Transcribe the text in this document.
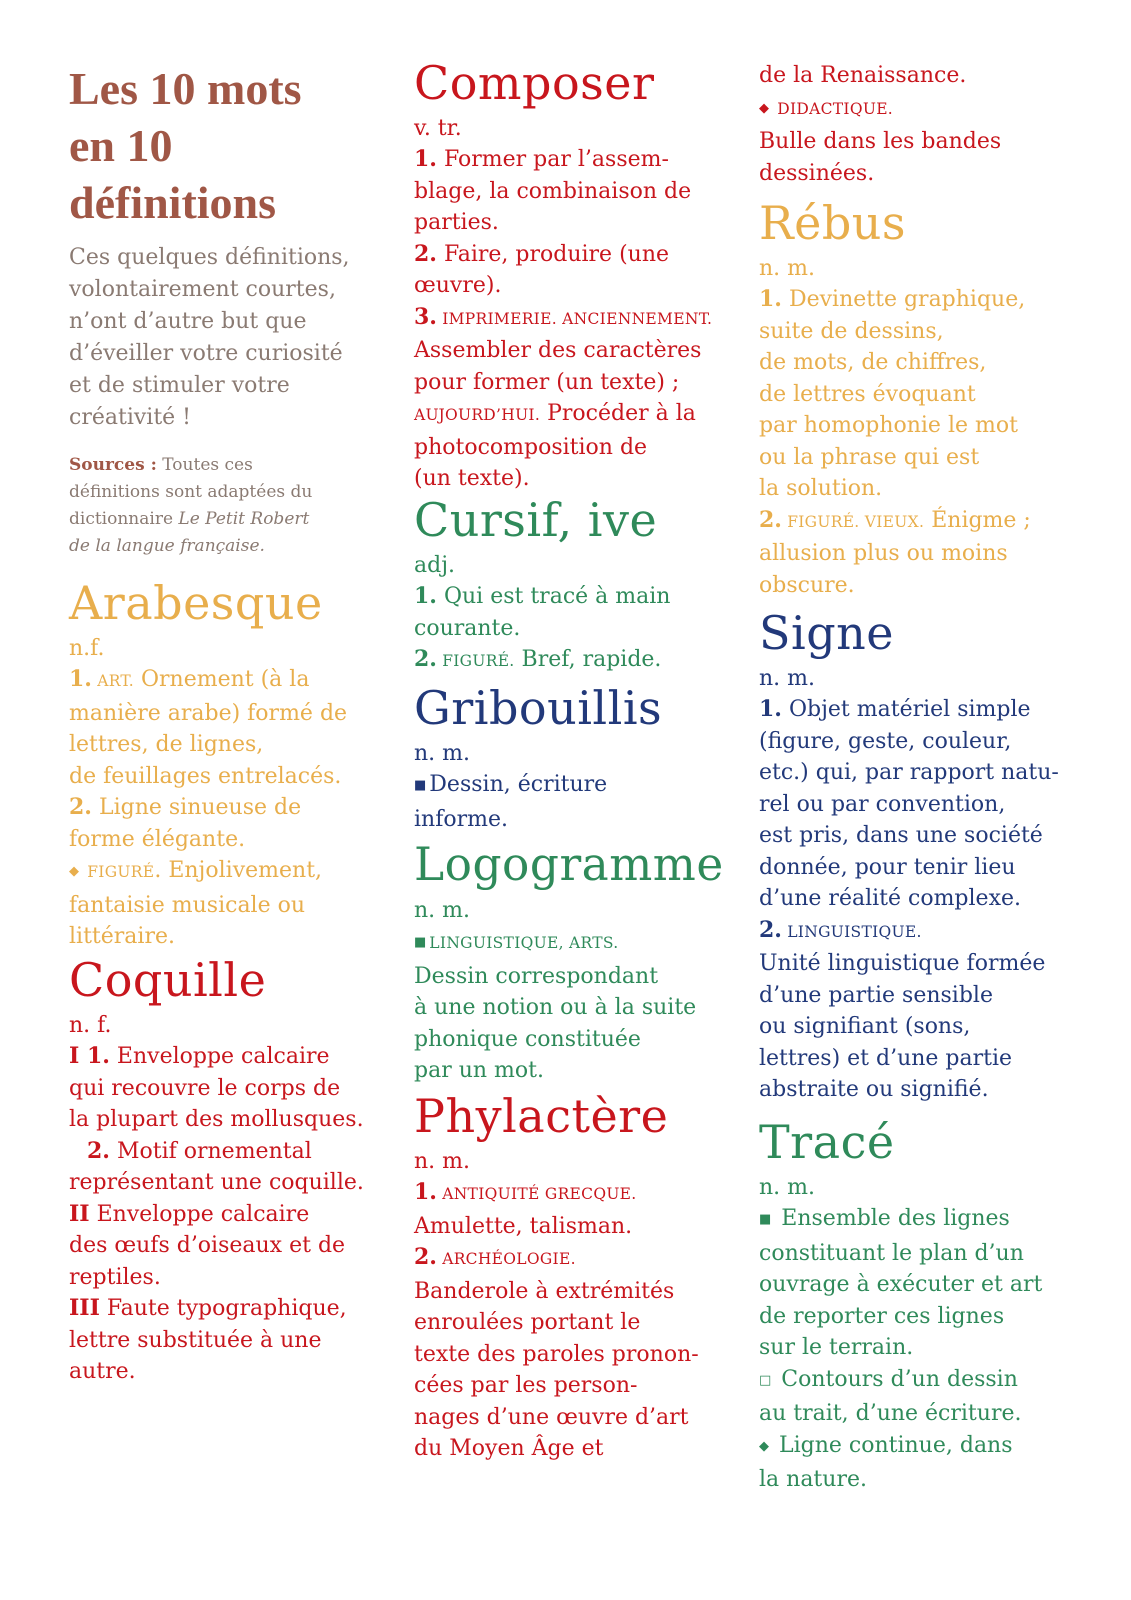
Les 10 mots
en 10
définitions

Ces quelques définitions,
volontairement courtes,
n’ont d’autre but que
d’éveiller votre curiosité
et de stimuler votre
créativité !

Sources : Toutes ces
définitions sont adaptées du
dictionnaire Le Petit Robert
de la langue française.

Arabesque
n.f.
1. ART. Ornement (à la
manière arabe) formé de
lettres, de lignes,
de feuillages entrelacés.
2. Ligne sinueuse de
forme élégante.
◆ FIGURÉ. Enjolivement,
fantaisie musicale ou
littéraire.
Coquille
n. f.
I 1. Enveloppe calcaire
qui recouvre le corps de
la plupart des mollusques.
2. Motif ornemental
représentant une coquille.
II Enveloppe calcaire
des œufs d’oiseaux et de
reptiles.
III Faute typographique,
lettre substituée à une
autre.
Composer
v. tr.
1. Former par l’assem-
blage, la combinaison de
parties.
2. Faire, produire (une
œuvre).
3. IMPRIMERIE. ANCIENNEMENT.
Assembler des caractères
pour former (un texte) ;
AUJOURD’HUI. Procéder à la
photocomposition de
(un texte).
Cursif, ive
adj.
1. Qui est tracé à main
courante.
2. FIGURÉ. Bref, rapide.
Gribouillis
n. m.
■ Dessin, écriture
informe.
Logogramme
n. m.
■ LINGUISTIQUE, ARTS.
Dessin correspondant
à une notion ou à la suite
phonique constituée
par un mot.
Phylactère
n. m.
1. ANTIQUITÉ GRECQUE.
Amulette, talisman.
2. ARCHÉOLOGIE.
Banderole à extrémités
enroulées portant le
texte des paroles pronon-
cées par les person-
nages d’une œuvre d’art
du Moyen Âge et
de la Renaissance.
◆ DIDACTIQUE.
Bulle dans les bandes
dessinées.
Rébus
n. m.
1. Devinette graphique,
suite de dessins,
de mots, de chiffres,
de lettres évoquant
par homophonie le mot
ou la phrase qui est
la solution.
2. FIGURÉ. VIEUX. Énigme ;
allusion plus ou moins
obscure.
Signe
n. m.
1. Objet matériel simple
(figure, geste, couleur,
etc.) qui, par rapport natu-
rel ou par convention,
est pris, dans une société
donnée, pour tenir lieu
d’une réalité complexe.
2. LINGUISTIQUE.
Unité linguistique formée
d’une partie sensible
ou signifiant (sons,
lettres) et d’une partie
abstraite ou signifié.
Tracé
n. m.
■ Ensemble des lignes
constituant le plan d’un
ouvrage à exécuter et art
de reporter ces lignes
sur le terrain.
□ Contours d’un dessin
au trait, d’une écriture.
◆ Ligne continue, dans
la nature.
